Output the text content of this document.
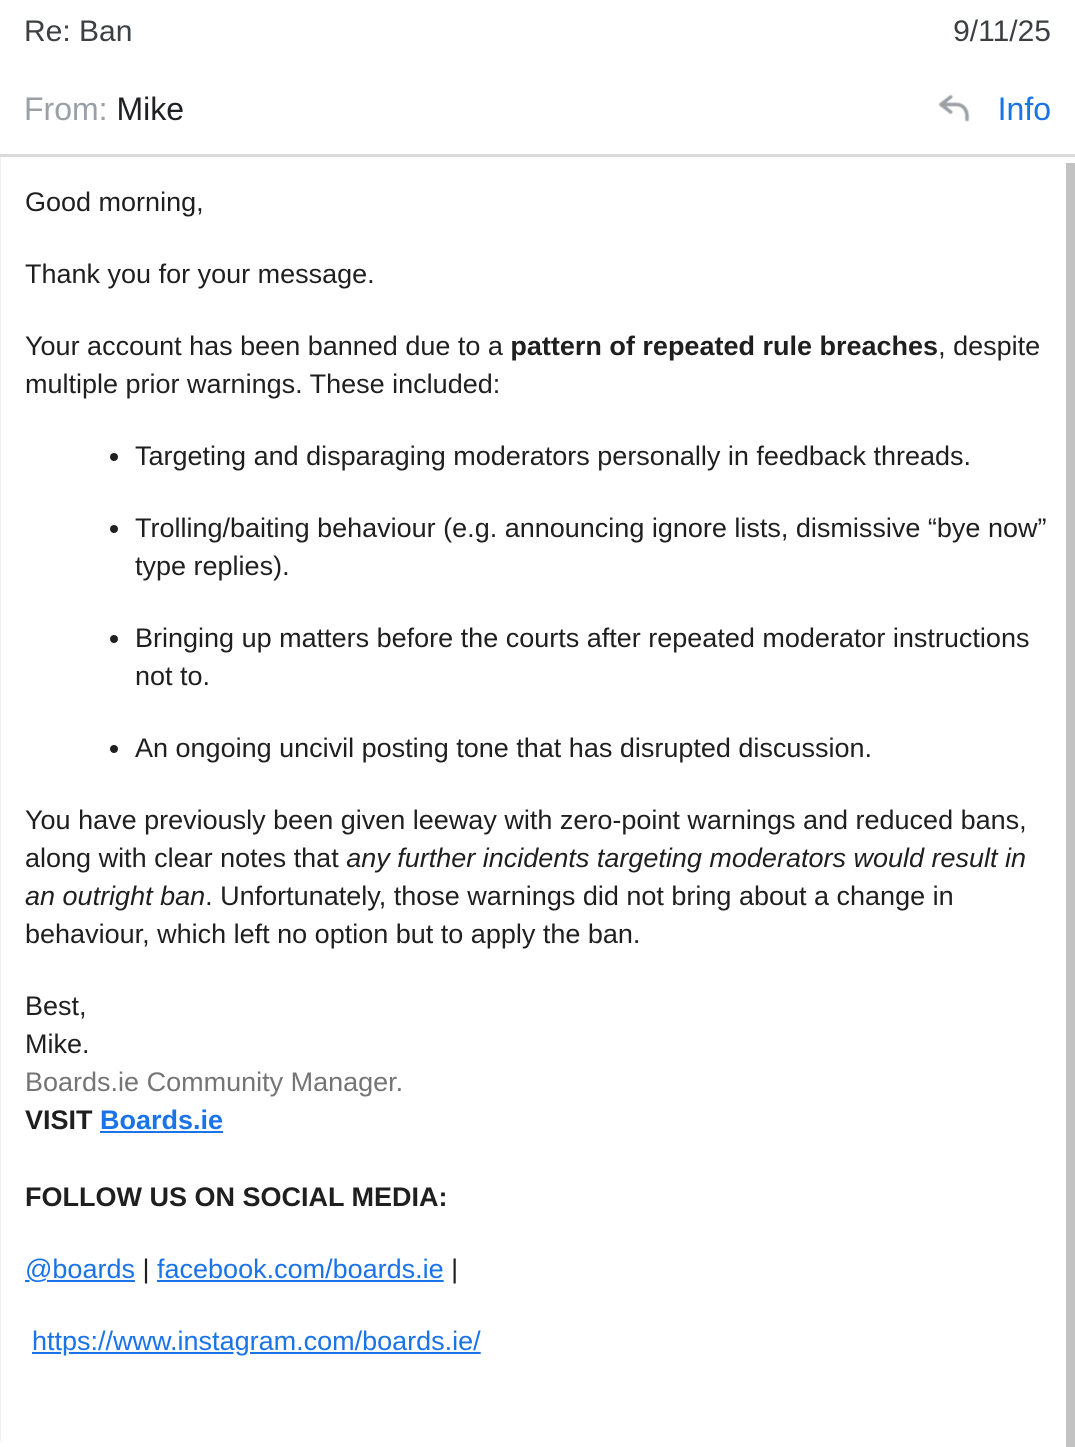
Re: Ban	9/11/25
From: Mike	Info

Good morning,

Thank you for your message.

Your account has been banned due to a pattern of repeated rule breaches, despite multiple prior warnings. These included:

• Targeting and disparaging moderators personally in feedback threads.
• Trolling/baiting behaviour (e.g. announcing ignore lists, dismissive “bye now” type replies).
• Bringing up matters before the courts after repeated moderator instructions not to.
• An ongoing uncivil posting tone that has disrupted discussion.

You have previously been given leeway with zero-point warnings and reduced bans, along with clear notes that any further incidents targeting moderators would result in an outright ban. Unfortunately, those warnings did not bring about a change in behaviour, which left no option but to apply the ban.

Best,

Mike.

Boards.ie Community Manager.

VISIT Boards.ie

FOLLOW US ON SOCIAL MEDIA:

@boards | facebook.com/boards.ie |

https://www.instagram.com/boards.ie/
